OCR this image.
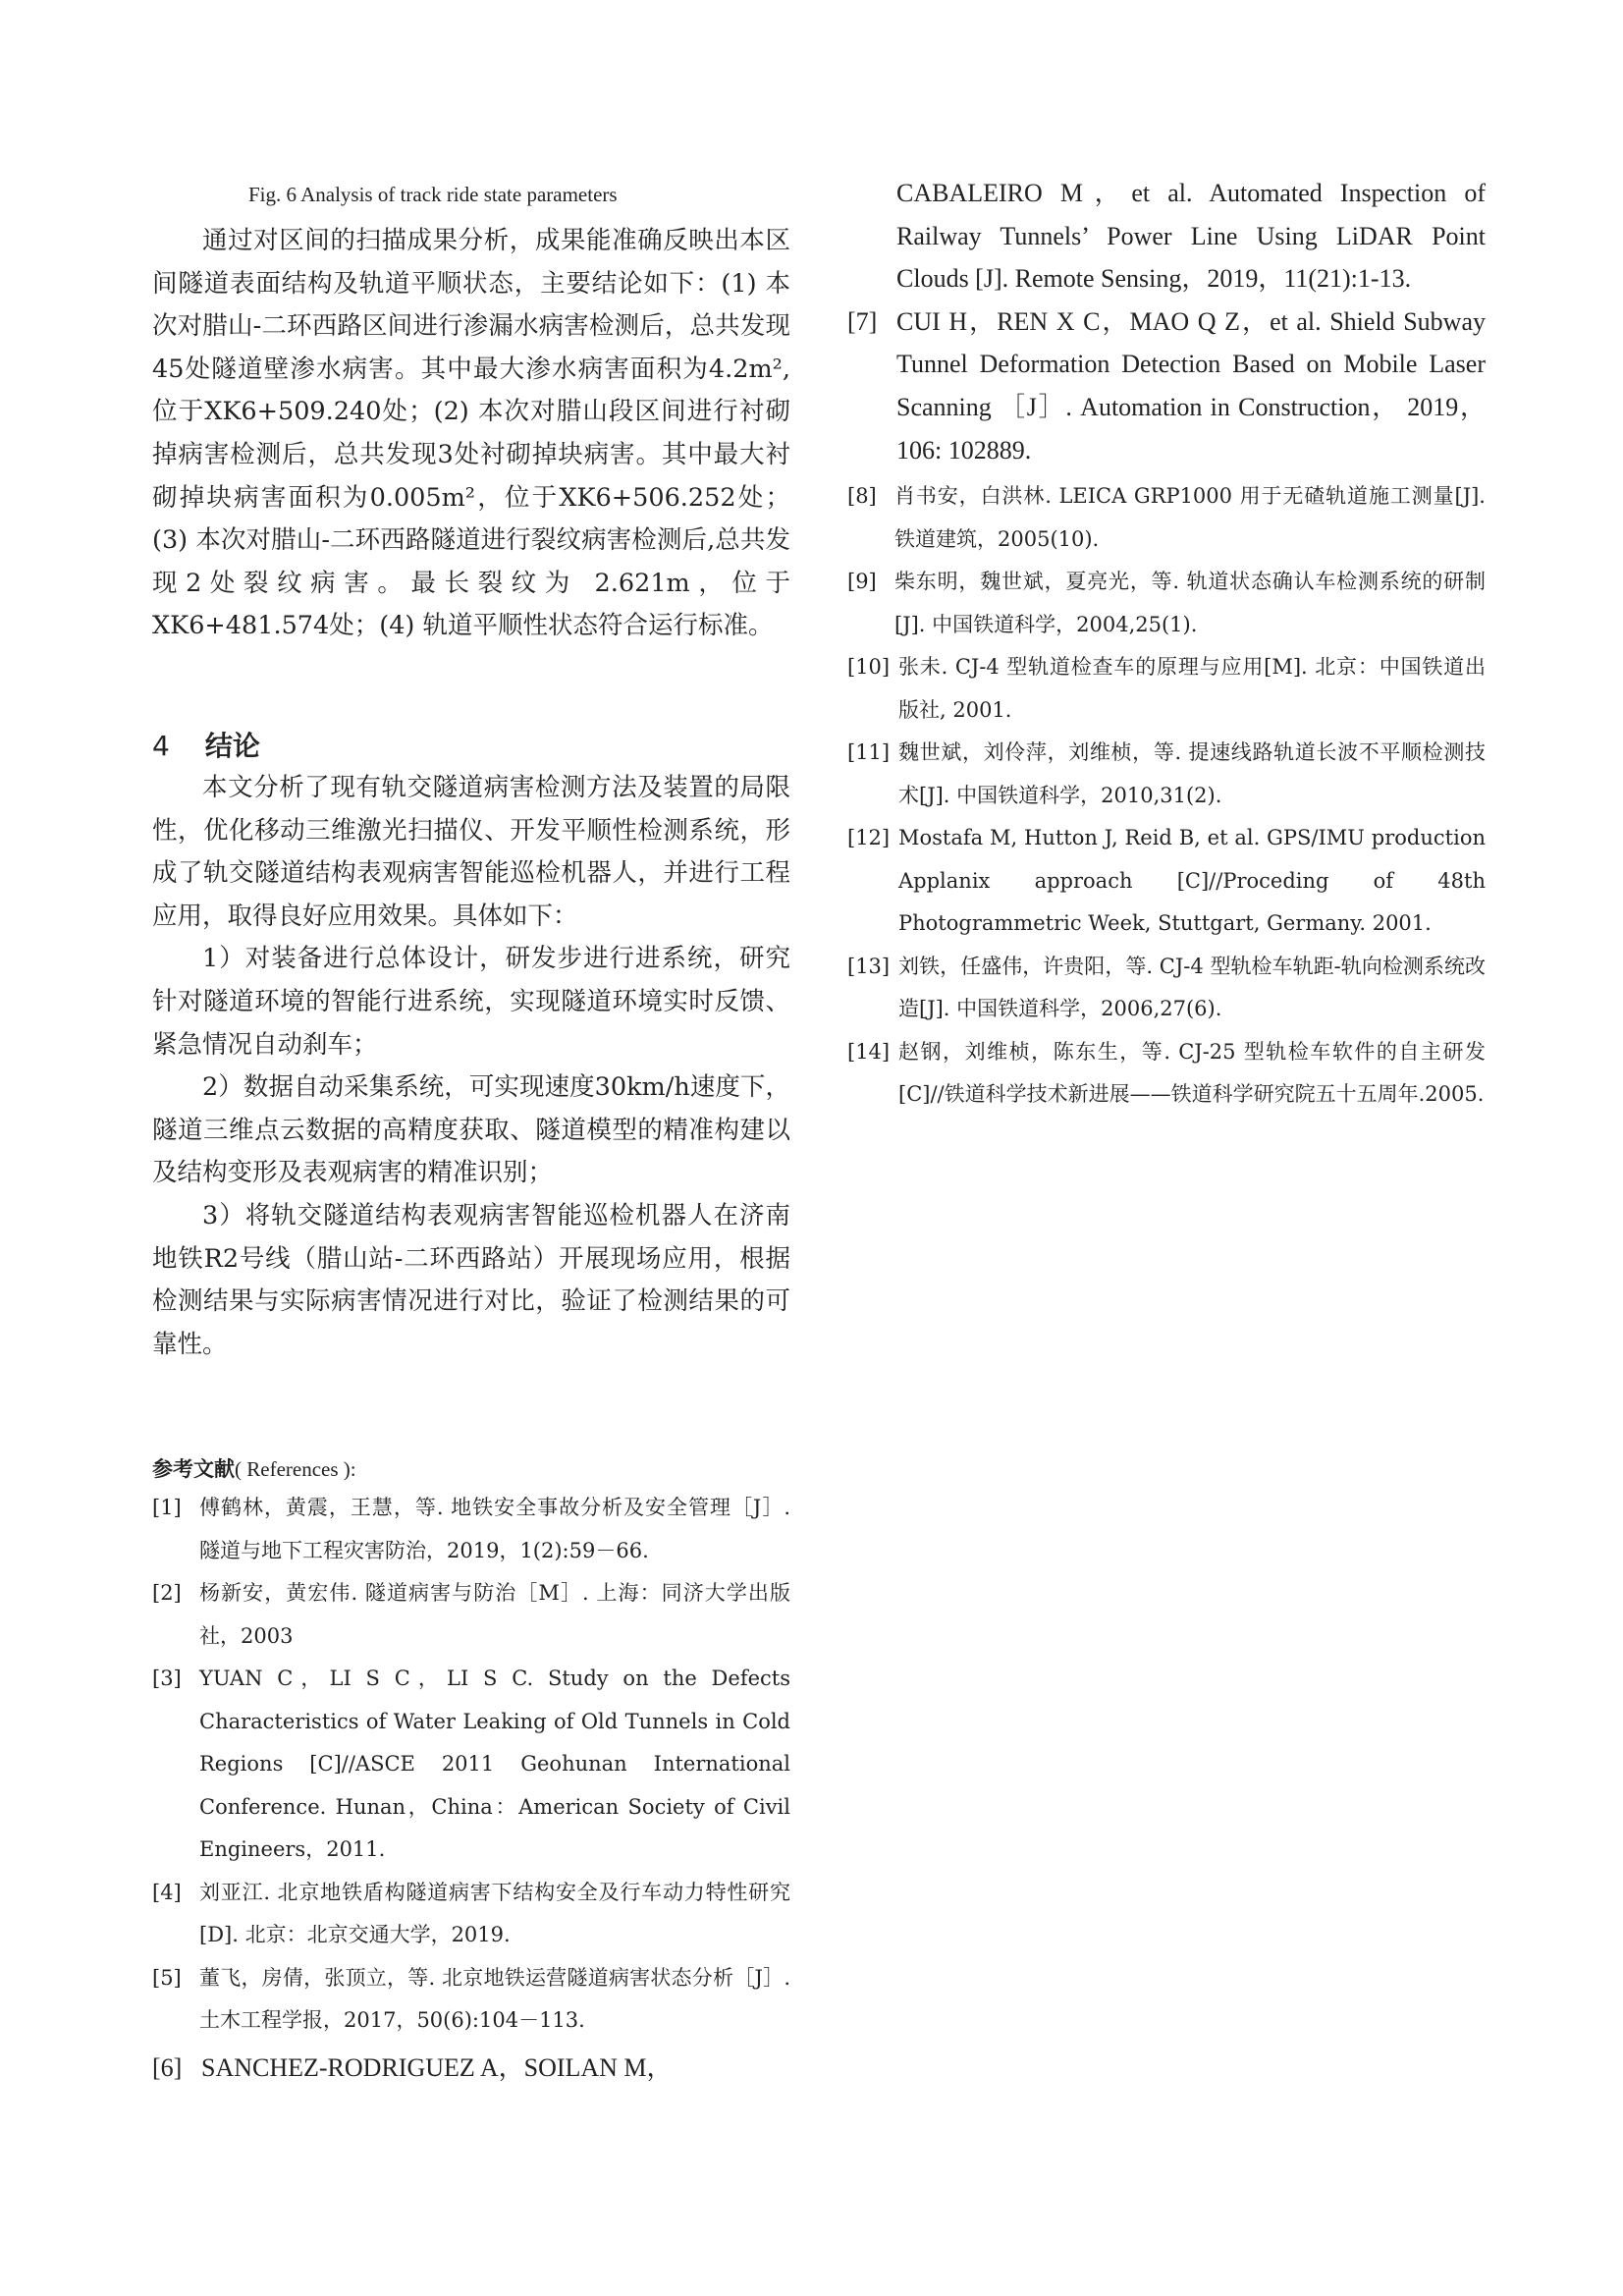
Fig. 6 Analysis of track ride state parameters

通过对区间的扫描成果分析，成果能准确反映出本区间隧道表面结构及轨道平顺状态，主要结论如下：(1) 本次对腊山-二环西路区间进行渗漏水病害检测后，总共发现45处隧道壁渗水病害。其中最大渗水病害面积为4.2m², 位于XK6+509.240处；(2) 本次对腊山段区间进行衬砌掉病害检测后，总共发现3处衬砌掉块病害。其中最大衬砌掉块病害面积为0.005m²，位于XK6+506.252处；(3) 本次对腊山-二环西路隧道进行裂纹病害检测后,总共发现2处裂纹病害。最长裂纹为 2.621m，位于XK6+481.574处；(4) 轨道平顺性状态符合运行标准。

4 结论

本文分析了现有轨交隧道病害检测方法及装置的局限性，优化移动三维激光扫描仪、开发平顺性检测系统，形成了轨交隧道结构表观病害智能巡检机器人，并进行工程应用，取得良好应用效果。具体如下：

1）对装备进行总体设计，研发步进行进系统，研究针对隧道环境的智能行进系统，实现隧道环境实时反馈、紧急情况自动刹车；

2）数据自动采集系统，可实现速度30km/h速度下，隧道三维点云数据的高精度获取、隧道模型的精准构建以及结构变形及表观病害的精准识别；

3）将轨交隧道结构表观病害智能巡检机器人在济南地铁R2号线（腊山站-二环西路站）开展现场应用，根据检测结果与实际病害情况进行对比，验证了检测结果的可靠性。

参考文献( References ):
[1] 傅鹤林，黄震，王慧，等. 地铁安全事故分析及安全管理［J］. 隧道与地下工程灾害防治，2019，1(2):59－66.
[2] 杨新安，黄宏伟. 隧道病害与防治［M］. 上海：同济大学出版社，2003
[3] YUAN C，LI S C，LI S C. Study on the Defects Characteristics of Water Leaking of Old Tunnels in Cold Regions [C]//ASCE 2011 Geohunan International Conference. Hunan，China：American Society of Civil Engineers，2011.
[4] 刘亚江. 北京地铁盾构隧道病害下结构安全及行车动力特性研究 [D]. 北京：北京交通大学，2019.
[5] 董飞，房倩，张顶立，等. 北京地铁运营隧道病害状态分析［J］. 土木工程学报，2017，50(6):104－113.
[6] SANCHEZ-RODRIGUEZ A，SOILAN M，
CABALEIRO M，et al. Automated Inspection of Railway Tunnels’ Power Line Using LiDAR Point Clouds [J]. Remote Sensing，2019，11(21):1-13.
[7] CUI H，REN X C，MAO Q Z，et al. Shield Subway Tunnel Deformation Detection Based on Mobile Laser Scanning ［J］. Automation in Construction， 2019， 106: 102889.
[8] 肖书安，白洪林. LEICA GRP1000 用于无碴轨道施工测量[J]. 铁道建筑，2005(10).
[9] 柴东明，魏世斌，夏亮光，等. 轨道状态确认车检测系统的研制[J]. 中国铁道科学，2004,25(1).
[10] 张未. CJ-4 型轨道检查车的原理与应用[M]. 北京：中国铁道出版社, 2001.
[11] 魏世斌，刘伶萍，刘维桢，等. 提速线路轨道长波不平顺检测技术[J]. 中国铁道科学，2010,31(2).
[12] Mostafa M, Hutton J, Reid B, et al. GPS/IMU production Applanix approach [C]//Proceding of 48th Photogrammetric Week, Stuttgart, Germany. 2001.
[13] 刘铁，任盛伟，许贵阳，等. CJ-4 型轨检车轨距-轨向检测系统改造[J]. 中国铁道科学，2006,27(6).
[14] 赵钢，刘维桢，陈东生，等. CJ-25 型轨检车软件的自主研发[C]//铁道科学技术新进展——铁道科学研究院五十五周年.2005.
